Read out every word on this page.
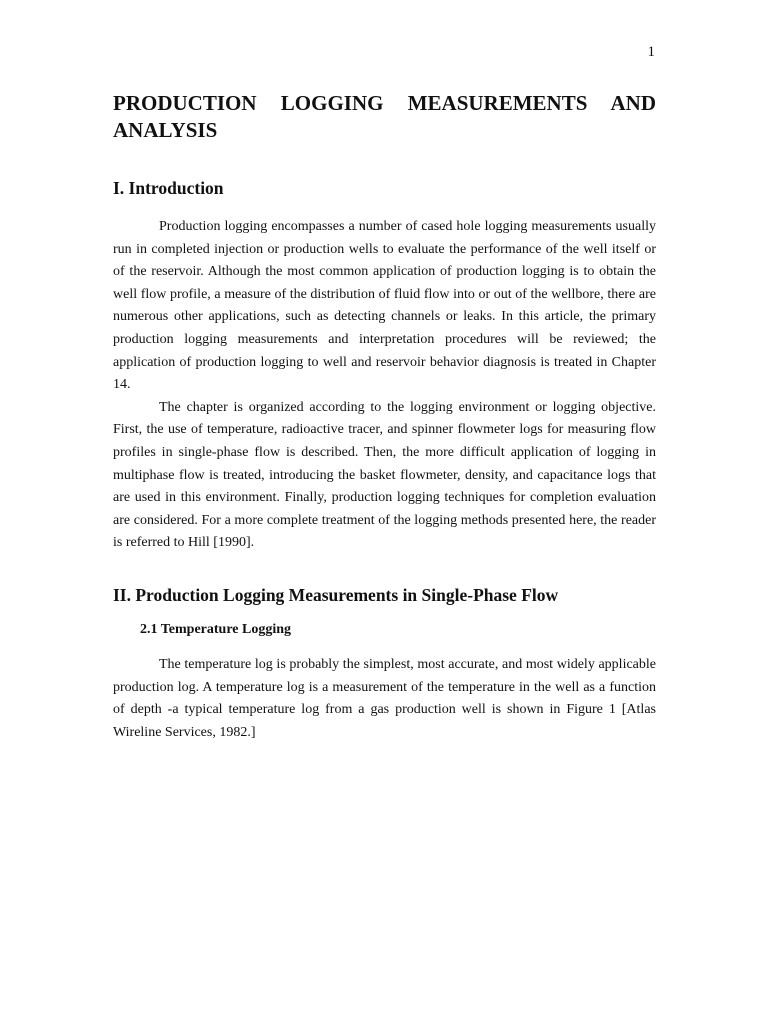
1
PRODUCTION LOGGING MEASUREMENTS AND ANALYSIS
I. Introduction

Production logging encompasses a number of cased hole logging measurements usually run in completed injection or production wells to evaluate the performance of the well itself or of the reservoir. Although the most common application of production logging is to obtain the well flow profile, a measure of the distribution of fluid flow into or out of the wellbore, there are numerous other applications, such as detecting channels or leaks. In this article, the primary production logging measurements and interpretation procedures will be reviewed; the application of production logging to well and reservoir behavior diagnosis is treated in Chapter 14.

The chapter is organized according to the logging environment or logging objective. First, the use of temperature, radioactive tracer, and spinner flowmeter logs for measuring flow profiles in single-phase flow is described. Then, the more difficult application of logging in multiphase flow is treated, introducing the basket flowmeter, density, and capacitance logs that are used in this environment. Finally, production logging techniques for completion evaluation are considered. For a more complete treatment of the logging methods presented here, the reader is referred to Hill [1990].

II. Production Logging Measurements in Single-Phase Flow
2.1 Temperature Logging

The temperature log is probably the simplest, most accurate, and most widely applicable production log. A temperature log is a measurement of the temperature in the well as a function of depth -a typical temperature log from a gas production well is shown in Figure 1 [Atlas Wireline Services, 1982.]
